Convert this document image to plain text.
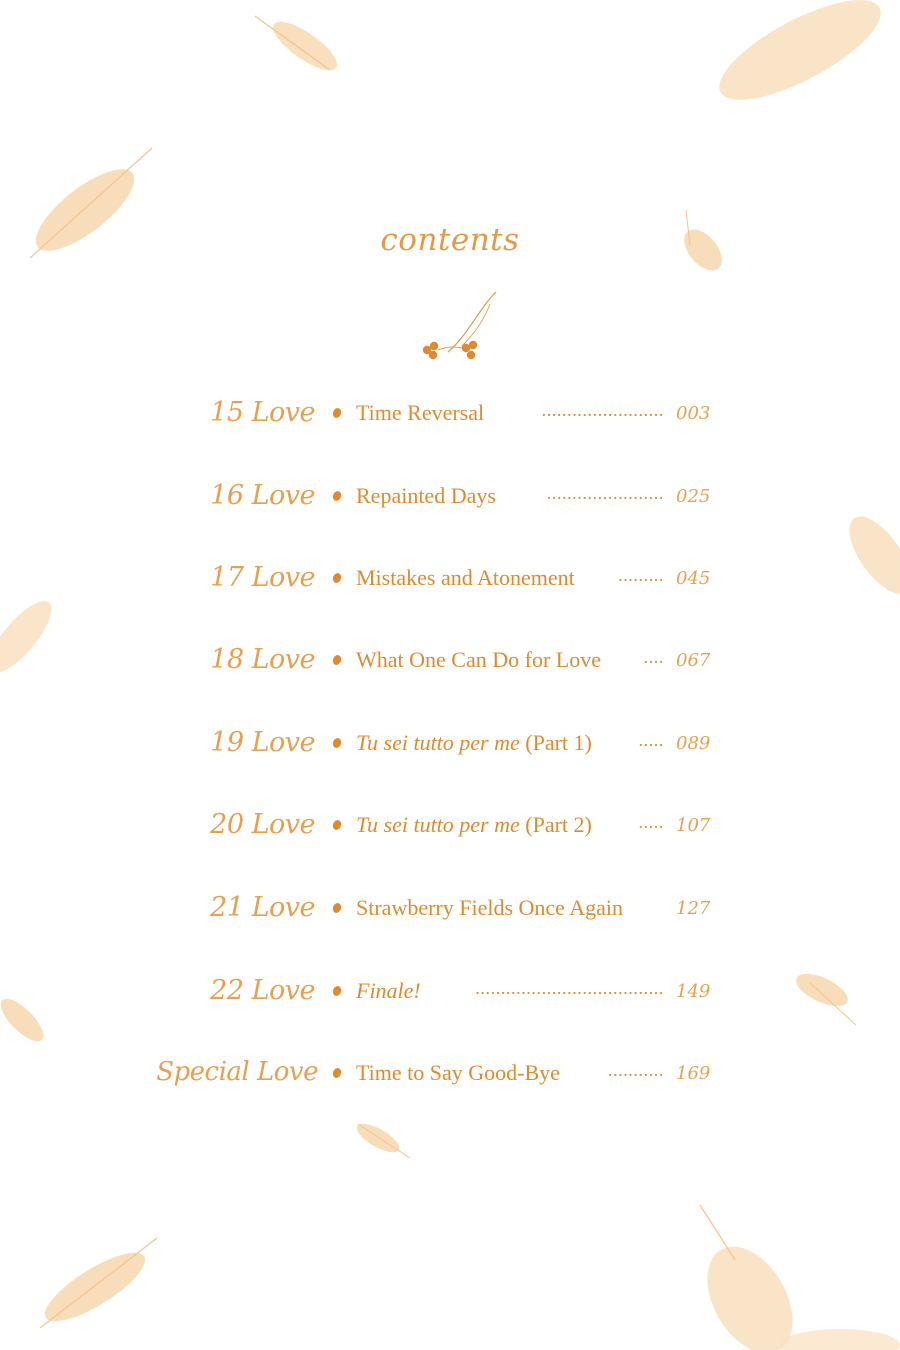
contents
15 Love Time Reversal	........................ 003
16 Love Repainted Days	....................... 025
17 Love Mistakes and Atonement ......... 045
18 Love What One Can Do for Love .... 067
19 Love Tu sei tutto per me (Part 1)	..... 089
20 Love Tu sei tutto per me (Part 2)	..... 107
21 Love Strawberry Fields Once Again	127
22 Love Finale!	..................................... 149
Special Love Time to Say Good-Bye	........... 169
